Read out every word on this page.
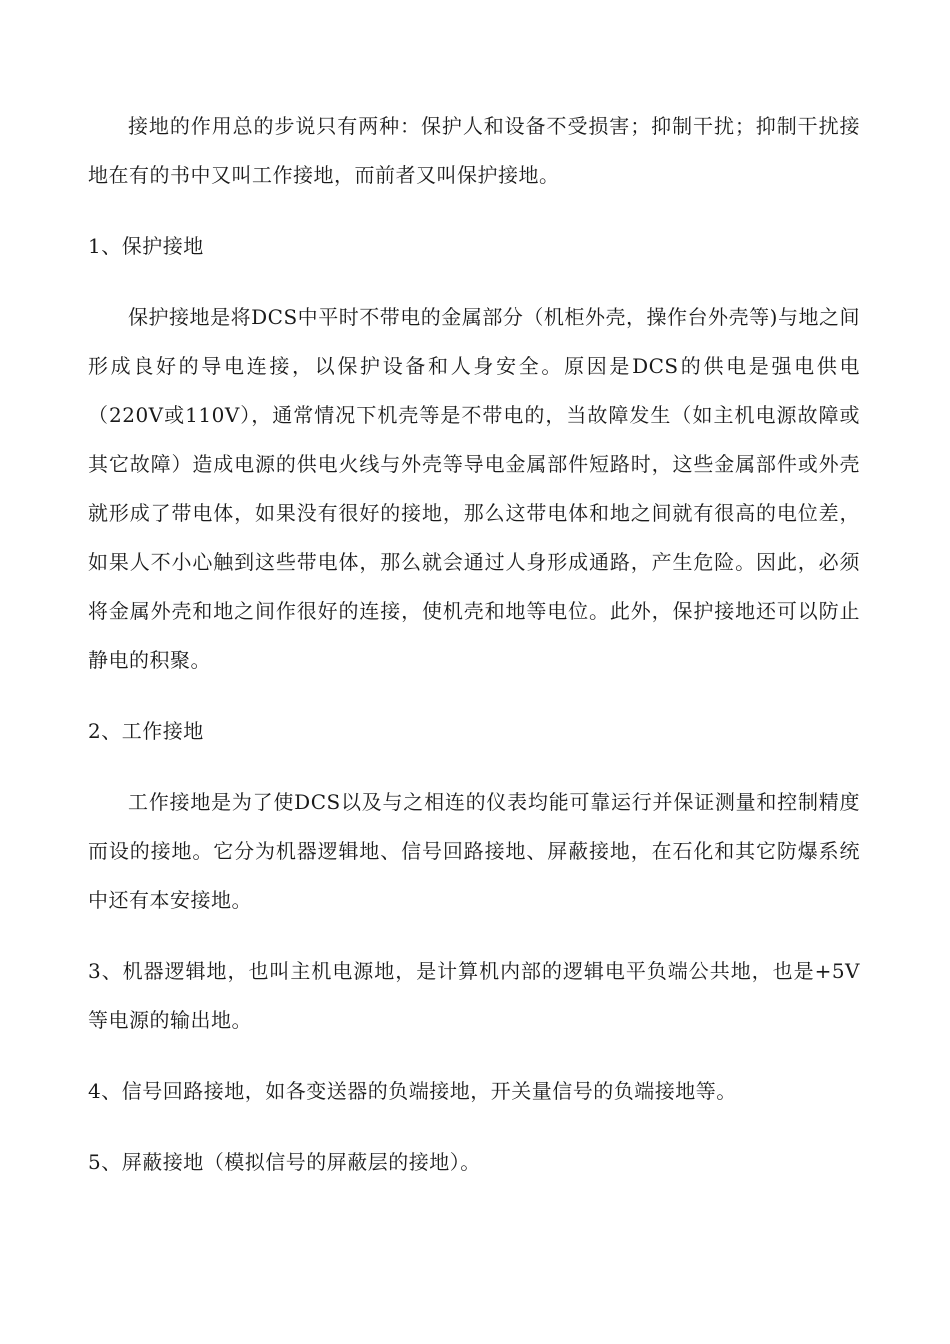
接地的作用总的步说只有两种：保护人和设备不受损害；抑制干扰；抑制干扰接地在有的书中又叫工作接地，而前者又叫保护接地。

1、保护接地

保护接地是将DCS中平时不带电的金属部分（机柜外壳，操作台外壳等)与地之间形成良好的导电连接，以保护设备和人身安全。原因是DCS的供电是强电供电（220V或110V），通常情况下机壳等是不带电的，当故障发生（如主机电源故障或其它故障）造成电源的供电火线与外壳等导电金属部件短路时，这些金属部件或外壳就形成了带电体，如果没有很好的接地，那么这带电体和地之间就有很高的电位差，如果人不小心触到这些带电体，那么就会通过人身形成通路，产生危险。因此，必须将金属外壳和地之间作很好的连接，使机壳和地等电位。此外，保护接地还可以防止静电的积聚。

2、工作接地

工作接地是为了使DCS以及与之相连的仪表均能可靠运行并保证测量和控制精度而设的接地。它分为机器逻辑地、信号回路接地、屏蔽接地，在石化和其它防爆系统中还有本安接地。

3、机器逻辑地，也叫主机电源地，是计算机内部的逻辑电平负端公共地，也是+5V等电源的输出地。

4、信号回路接地，如各变送器的负端接地，开关量信号的负端接地等。

5、屏蔽接地（模拟信号的屏蔽层的接地）。
